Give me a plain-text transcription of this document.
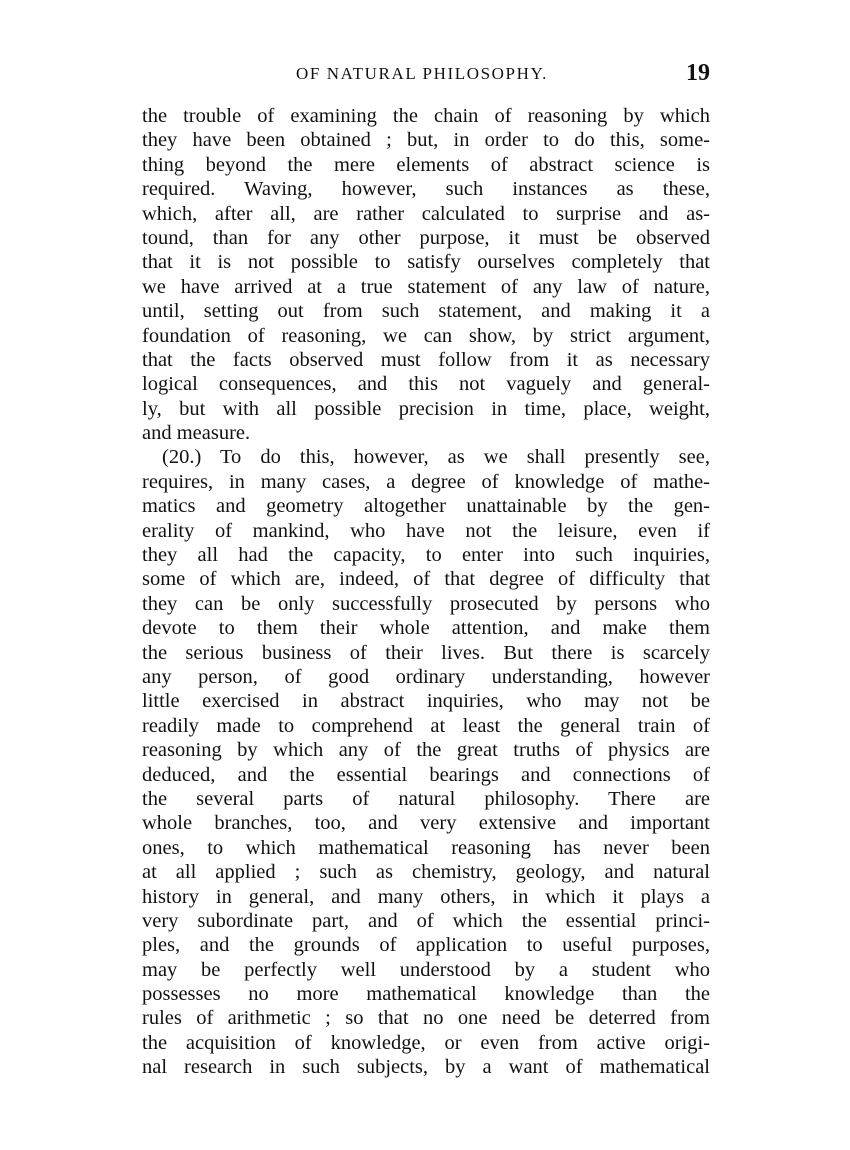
OF NATURAL PHILOSOPHY.	19
the trouble of examining the chain of reasoning by which
they have been obtained ; but, in order to do this, some-
thing beyond the mere elements of abstract science is
required. Waving, however, such instances as these,
which, after all, are rather calculated to surprise and as-
tound, than for any other purpose, it must be observed
that it is not possible to satisfy ourselves completely that
we have arrived at a true statement of any law of nature,
until, setting out from such statement, and making it a
foundation of reasoning, we can show, by strict argument,
that the facts observed must follow from it as necessary
logical consequences, and this not vaguely and general-
ly, but with all possible precision in time, place, weight,
and measure.
(20.) To do this, however, as we shall presently see,
requires, in many cases, a degree of knowledge of mathe-
matics and geometry altogether unattainable by the gen-
erality of mankind, who have not the leisure, even if
they all had the capacity, to enter into such inquiries,
some of which are, indeed, of that degree of difficulty that
they can be only successfully prosecuted by persons who
devote to them their whole attention, and make them
the serious business of their lives. But there is scarcely
any person, of good ordinary understanding, however
little exercised in abstract inquiries, who may not be
readily made to comprehend at least the general train of
reasoning by which any of the great truths of physics are
deduced, and the essential bearings and connections of
the several parts of natural philosophy. There are
whole branches, too, and very extensive and important
ones, to which mathematical reasoning has never been
at all applied ; such as chemistry, geology, and natural
history in general, and many others, in which it plays a
very subordinate part, and of which the essential princi-
ples, and the grounds of application to useful purposes,
may be perfectly well understood by a student who
possesses no more mathematical knowledge than the
rules of arithmetic ; so that no one need be deterred from
the acquisition of knowledge, or even from active origi-
nal research in such subjects, by a want of mathematical
